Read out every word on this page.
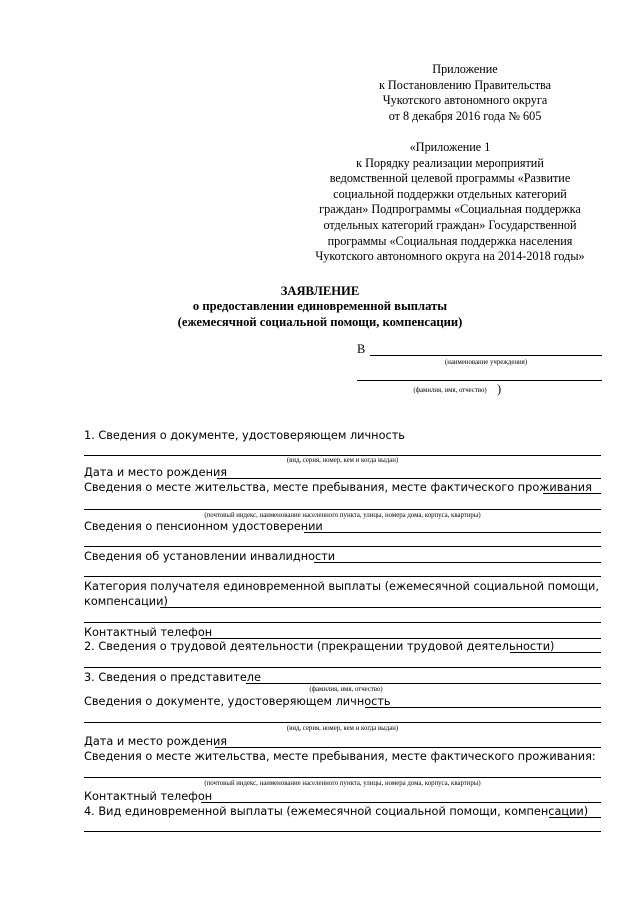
Приложение
к Постановлению Правительства
Чукотского автономного округа
от 8 декабря 2016 года № 605
«Приложение 1
к Порядку реализации мероприятий
ведомственной целевой программы «Развитие
социальной поддержки отдельных категорий
граждан» Подпрограммы «Социальная поддержка
отдельных категорий граждан» Государственной
программы «Социальная поддержка населения
Чукотского автономного округа на 2014-2018 годы»
ЗАЯВЛЕНИЕ
о предоставлении единовременной выплаты
(ежемесячной социальной помощи, компенсации)
В
(наименование учреждения)
(фамилия, имя, отчество) )
1. Сведения о документе, удостоверяющем личность
(вид, серия, номер, кем и когда выдан)
Дата и место рождения
Сведения о месте жительства, месте пребывания, месте фактического проживания
(почтовый индекс, наименование населенного пункта, улицы, номера дома, корпуса, квартиры)
Сведения о пенсионном удостоверении
Сведения об установлении инвалидности
Категория получателя единовременной выплаты (ежемесячной социальной помощи,
компенсации)
Контактный телефон
2. Сведения о трудовой деятельности (прекращении трудовой деятельности)
3. Сведения о представителе
(фамилия, имя, отчество)
Сведения о документе, удостоверяющем личность
(вид, серия, номер, кем и когда выдан)
Дата и место рождения
Сведения о месте жительства, месте пребывания, месте фактического проживания:
(почтовый индекс, наименование населенного пункта, улицы, номера дома, корпуса, квартиры)
Контактный телефон
4. Вид единовременной выплаты (ежемесячной социальной помощи, компенсации)
